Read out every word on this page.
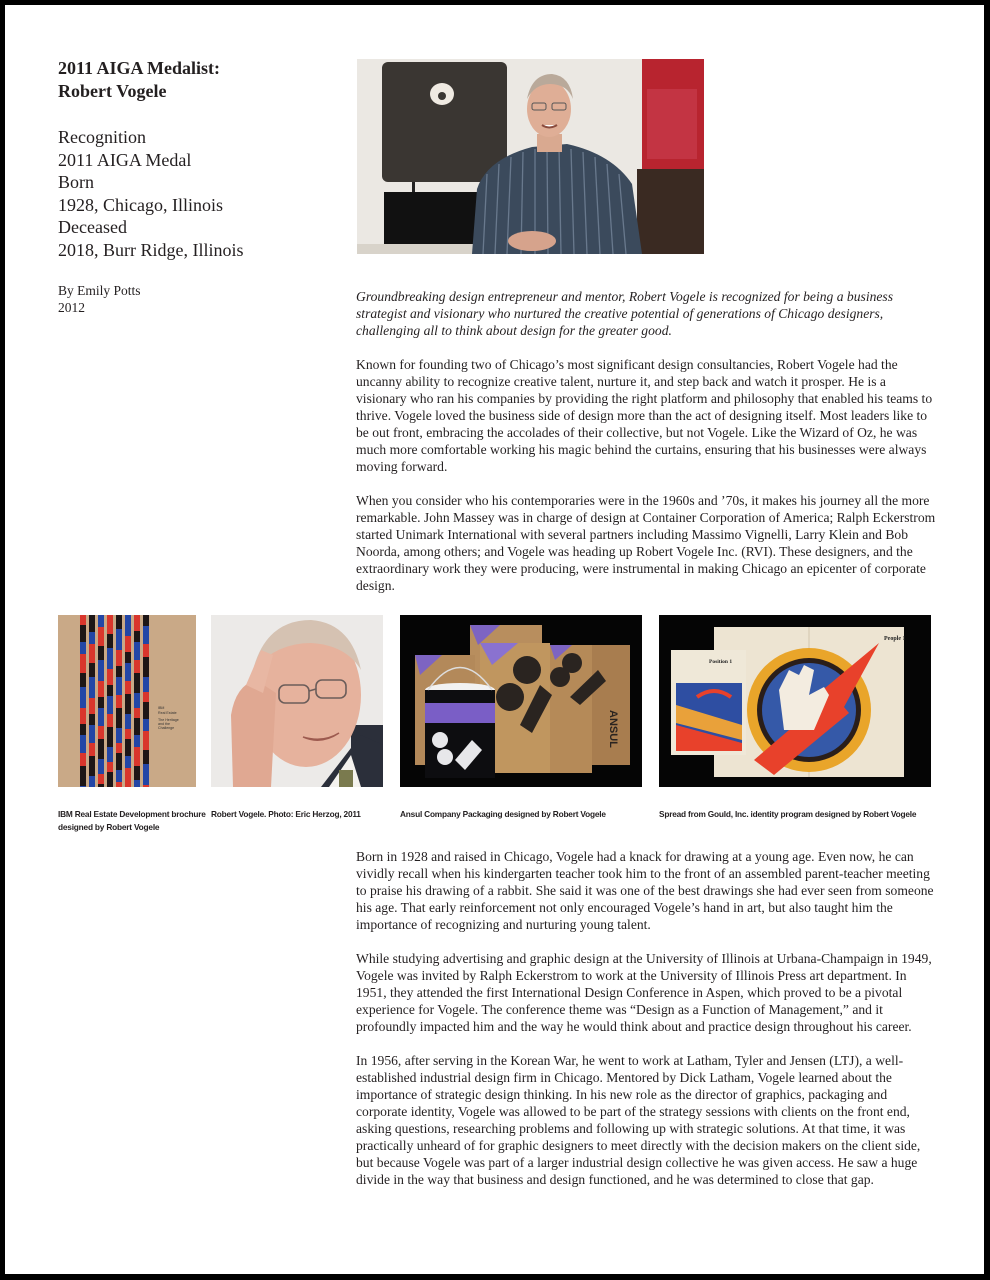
2011 AIGA Medalist:
Robert Vogele
Recognition
2011 AIGA Medal
Born
1928, Chicago, Illinois
Deceased
2018, Burr Ridge, Illinois
By Emily Potts
2012

Groundbreaking design entrepreneur and mentor, Robert Vogele is recognized for being a business strategist and visionary who nurtured the creative potential of generations of Chicago designers, challenging all to think about design for the greater good.

Known for founding two of Chicago’s most significant design consultancies, Robert Vogele had the uncanny ability to recognize creative talent, nurture it, and step back and watch it prosper. He is a visionary who ran his companies by providing the right platform and philosophy that enabled his teams to thrive. Vogele loved the business side of design more than the act of designing itself. Most leaders like to be out front, embracing the accolades of their collective, but not Vogele. Like the Wizard of Oz, he was much more comfortable working his magic behind the curtains, ensuring that his businesses were always moving forward.

When you consider who his contemporaries were in the 1960s and ’70s, it makes his journey all the more remarkable. John Massey was in charge of design at Container Corporation of America; Ralph Eckerstrom started Unimark International with several partners including Massimo Vignelli, Larry Klein and Bob Noorda, among others; and Vogele was heading up Robert Vogele Inc. (RVI). These designers, and the extraordinary work they were producing, were instrumental in making Chicago an epicenter of corporate design.

IBM
Real Estate
The Heritage
and the
Challenge	ANSUL
People 1
Position 1
IBM Real Estate Development brochure designed by Robert Vogele
Robert Vogele. Photo: Eric Herzog, 2011	Ansul Company Packaging designed by Robert Vogele	Spread from Gould, Inc. identity program designed by Robert Vogele

Born in 1928 and raised in Chicago, Vogele had a knack for drawing at a young age. Even now, he can vividly recall when his kindergarten teacher took him to the front of an assembled parent-teacher meeting to praise his drawing of a rabbit. She said it was one of the best drawings she had ever seen from someone his age. That early reinforcement not only encouraged Vogele’s hand in art, but also taught him the importance of recognizing and nurturing young talent.

While studying advertising and graphic design at the University of Illinois at Urbana-Champaign in 1949, Vogele was invited by Ralph Eckerstrom to work at the University of Illinois Press art department. In 1951, they attended the first International Design Conference in Aspen, which proved to be a pivotal experience for Vogele. The conference theme was “Design as a Function of Management,” and it profoundly impacted him and the way he would think about and practice design throughout his career.

In 1956, after serving in the Korean War, he went to work at Latham, Tyler and Jensen (LTJ), a well-established industrial design firm in Chicago. Mentored by Dick Latham, Vogele learned about the importance of strategic design thinking. In his new role as the director of graphics, packaging and corporate identity, Vogele was allowed to be part of the strategy sessions with clients on the front end, asking questions, researching problems and following up with strategic solutions. At that time, it was practically unheard of for graphic designers to meet directly with the decision makers on the client side, but because Vogele was part of a larger industrial design collective he was given access. He saw a huge divide in the way that business and design functioned, and he was determined to close that gap.
